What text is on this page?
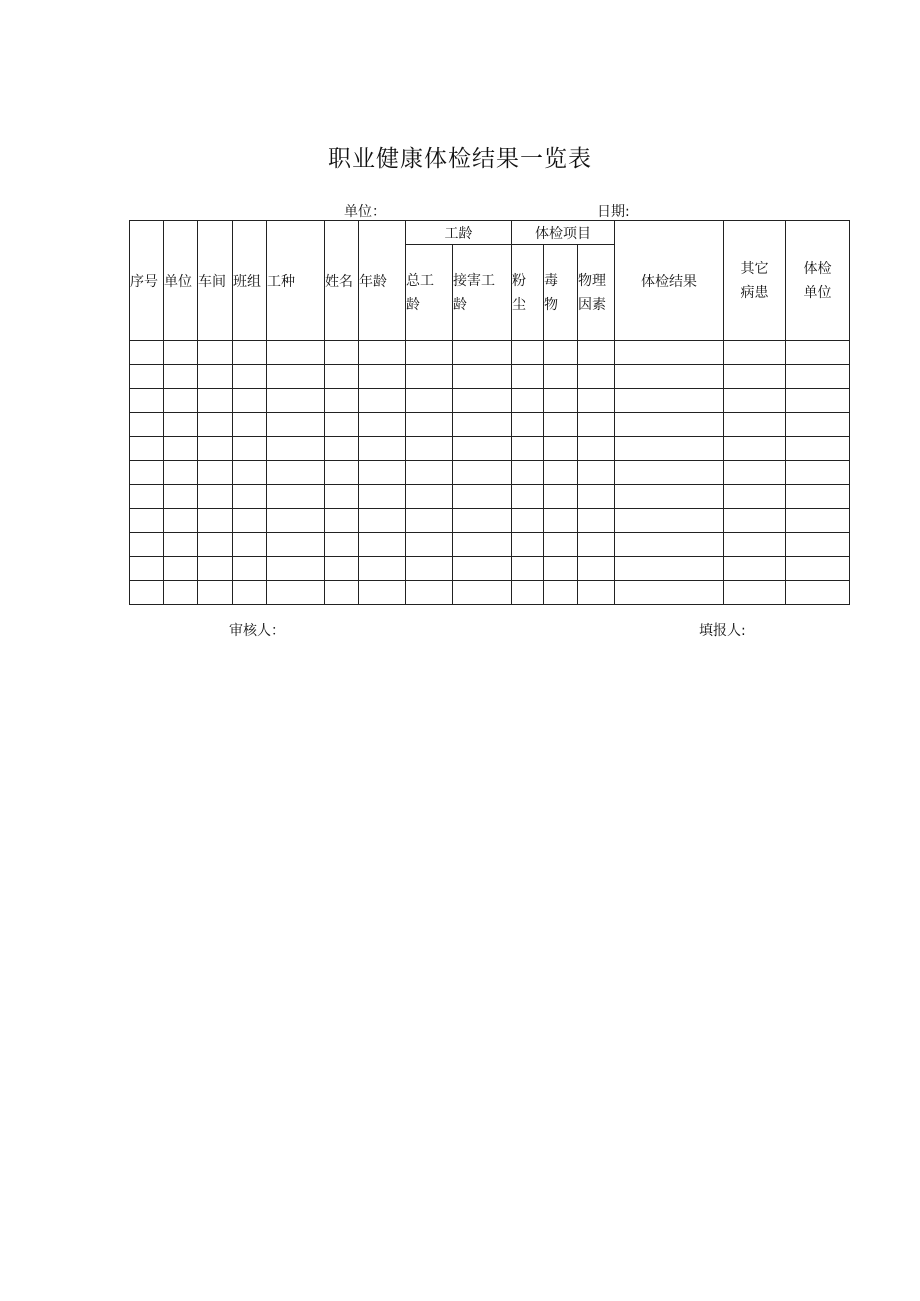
职业健康体检结果一览表
单位：	日期:
序号	单位	车间	班组	工种	姓名	年龄	工龄		体检项目			体检结果	其它病患	体检单位

							总工龄	接害工龄	粉尘	毒物	物理因素			

审核人：	填报人:
